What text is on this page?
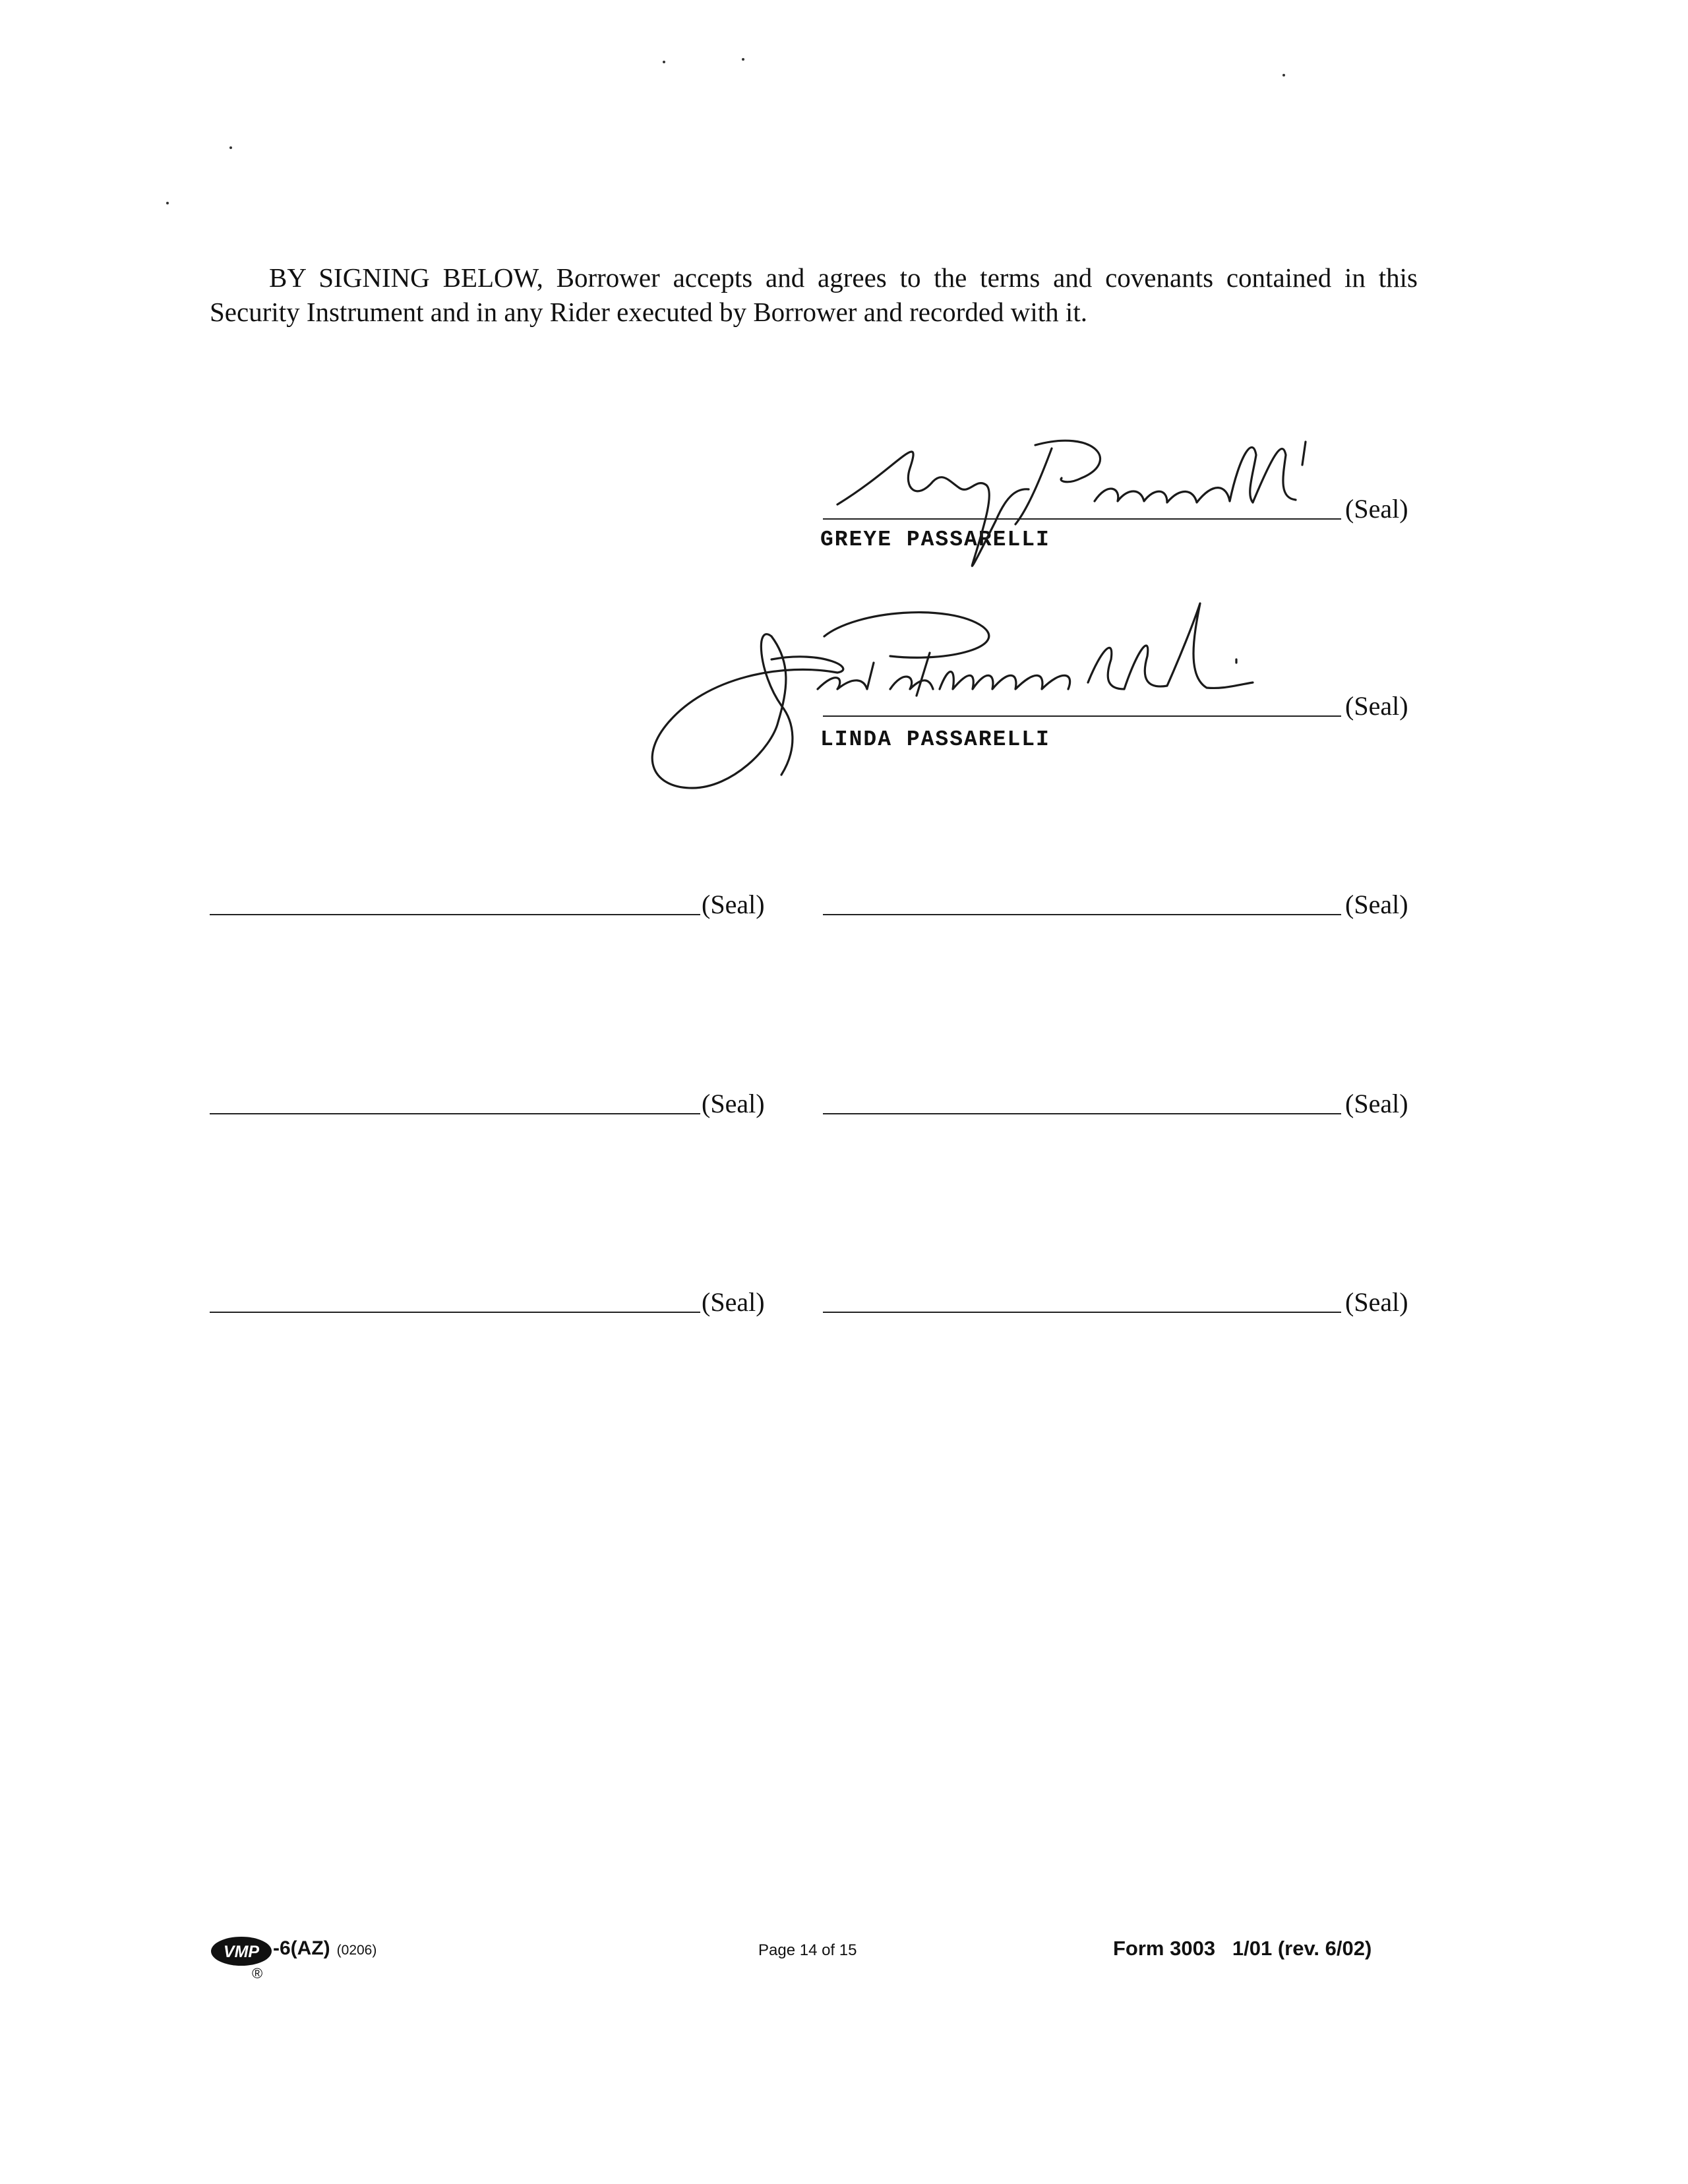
BY SIGNING BELOW, Borrower accepts and agrees to the terms and covenants contained in this
Security Instrument and in any Rider executed by Borrower and recorded with it.
(Seal)
GREYE PASSARELLI
(Seal)
LINDA PASSARELLI
(Seal)
(Seal)
(Seal)
(Seal)
(Seal)
(Seal)
VMP -6(AZ) (0206)
®
Page 14 of 15	Form 3003   1/01 (rev. 6/02)
